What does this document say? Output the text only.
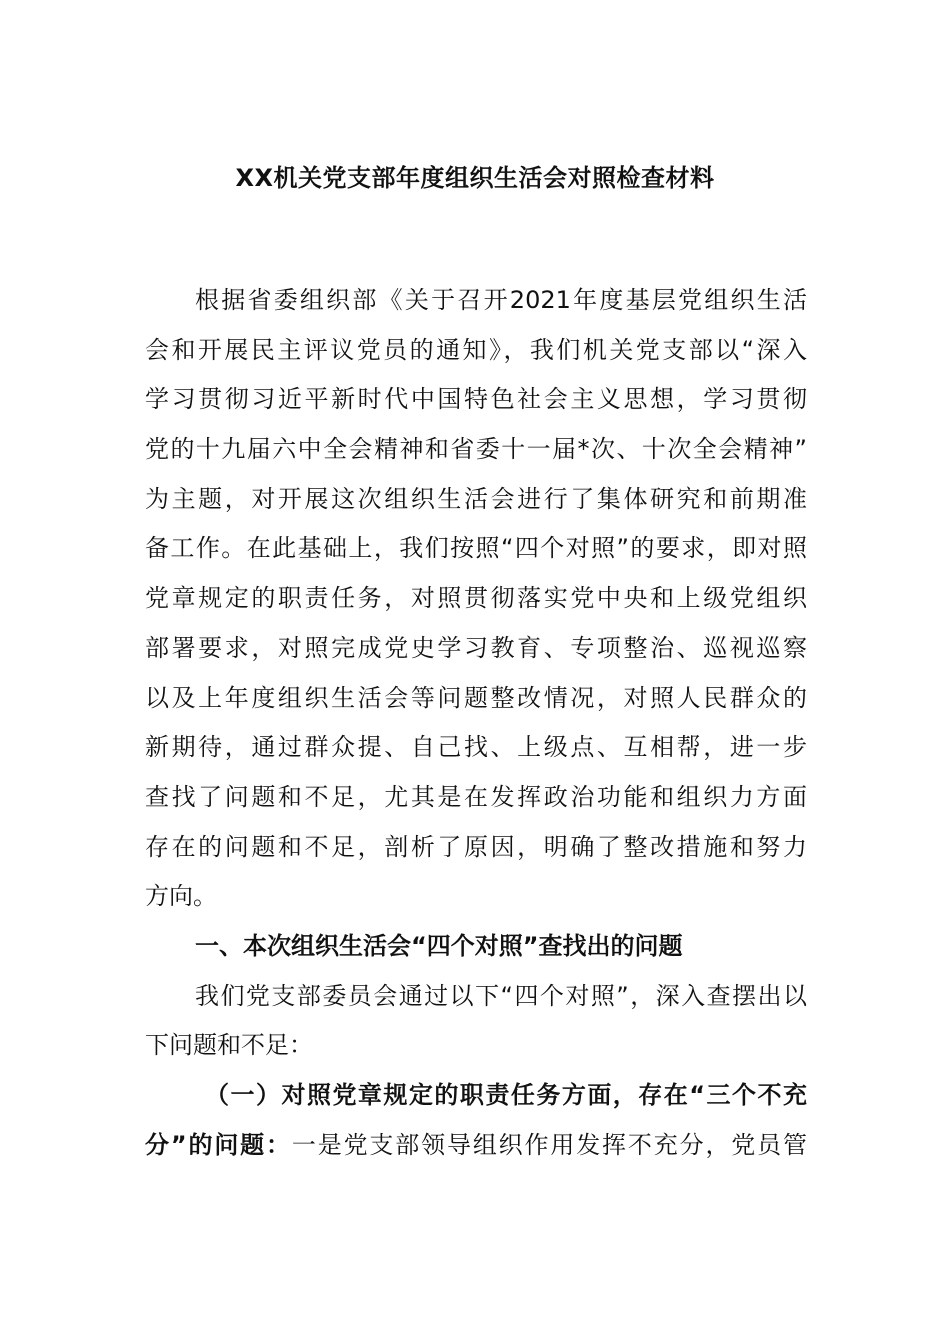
XX机关党支部年度组织生活会对照检查材料
根据省委组织部《关于召开2021年度基层党组织生活
会和开展民主评议党员的通知》，我们机关党支部以“深入
学习贯彻习近平新时代中国特色社会主义思想，学习贯彻
党的十九届六中全会精神和省委十一届*次、十次全会精神”
为主题，对开展这次组织生活会进行了集体研究和前期准
备工作。在此基础上，我们按照“四个对照”的要求，即对照
党章规定的职责任务，对照贯彻落实党中央和上级党组织
部署要求，对照完成党史学习教育、专项整治、巡视巡察
以及上年度组织生活会等问题整改情况，对照人民群众的
新期待，通过群众提、自己找、上级点、互相帮，进一步
查找了问题和不足，尤其是在发挥政治功能和组织力方面
存在的问题和不足，剖析了原因，明确了整改措施和努力
方向。
一、本次组织生活会“四个对照”查找出的问题
我们党支部委员会通过以下“四个对照”，深入查摆出以
下问题和不足：
（一）对照党章规定的职责任务方面，存在“三个不充
分”的问题：一是党支部领导组织作用发挥不充分，党员管
